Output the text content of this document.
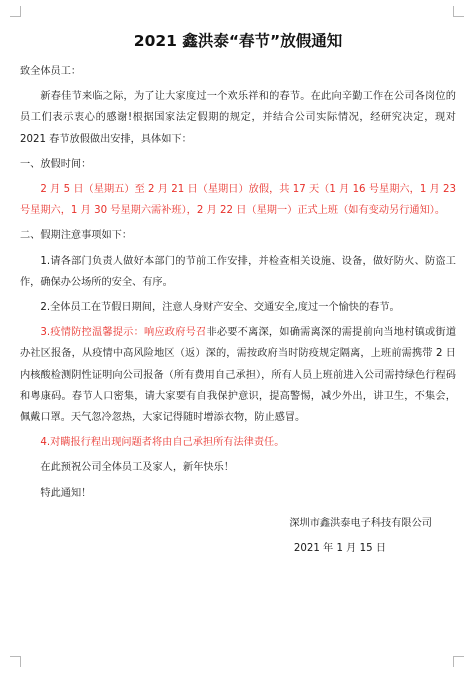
2021 鑫洪泰“春节”放假通知

致全体员工：

新春佳节来临之际，为了让大家度过一个欢乐祥和的春节。在此向辛勤工作在公司各岗位的员工们表示衷心的感谢!根据国家法定假期的规定，并结合公司实际情况，经研究决定，现对 2021 春节放假做出安排，具体如下：

一、放假时间：

2 月 5 日（星期五）至 2 月 21 日（星期日）放假，共 17 天（1 月 16 号星期六，1 月 23 号星期六，1 月 30 号星期六需补班），2 月 22 日（星期一）正式上班（如有变动另行通知）。

二、假期注意事项如下：

1.请各部门负责人做好本部门的节前工作安排，并检查相关设施、设备，做好防火、防盗工作，确保办公场所的安全、有序。

2.全体员工在节假日期间，注意人身财产安全、交通安全,度过一个愉快的春节。

3.疫情防控温馨提示：响应政府号召非必要不离深，如确需离深的需提前向当地村镇或街道办社区报备，从疫情中高风险地区（返）深的，需按政府当时防疫规定隔离，上班前需携带 2 日内核酸检测阴性证明向公司报备（所有费用自己承担），所有人员上班前进入公司需持绿色行程码和粤康码。春节人口密集，请大家要有自我保护意识，提高警惕，减少外出，讲卫生，不集会，佩戴口罩。天气忽冷忽热，大家记得随时增添衣物，防止感冒。

4.对瞒报行程出现问题者将由自己承担所有法律责任。

在此预祝公司全体员工及家人，新年快乐！

特此通知！

深圳市鑫洪泰电子科技有限公司

2021 年 1 月 15 日
